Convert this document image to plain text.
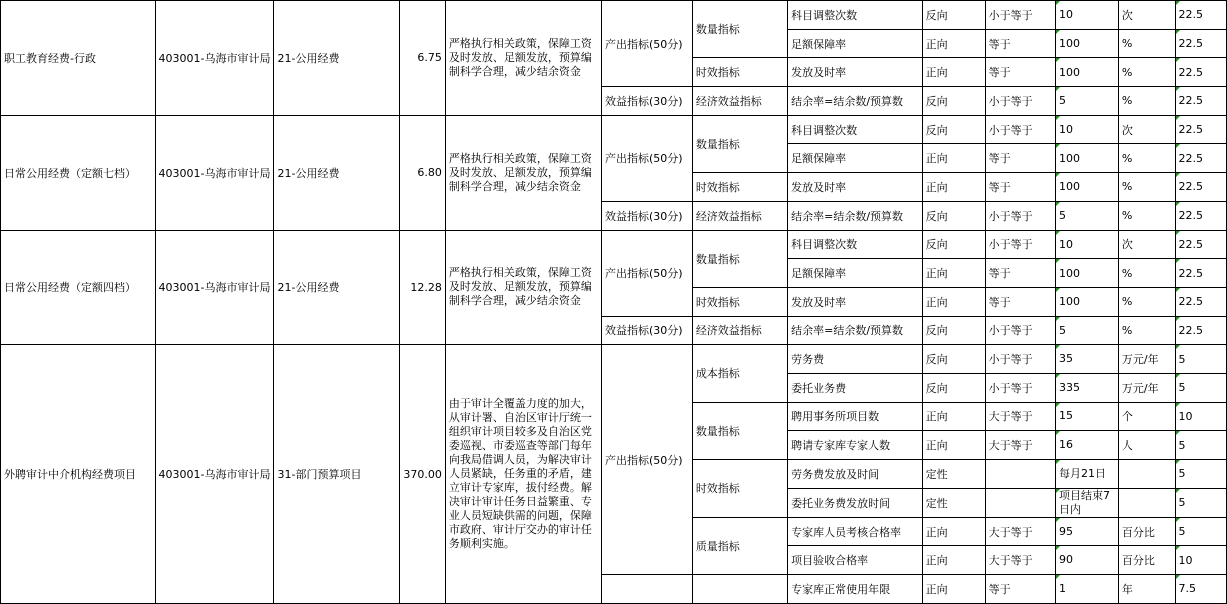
职工教育经费-行政	403001-乌海市审计局	21-公用经费	6.75	严格执行相关政策，保障工资及时发放、足额发放，预算编制科学合理，减少结余资金	产出指标(50分)	数量指标	科目调整次数	反向	小于等于	10	次	22.5
							足额保障率	正向	等于	100	%	22.5
						时效指标	发放及时率	正向	等于	100	%	22.5
					效益指标(30分)	经济效益指标	结余率=结余数/预算数	反向	小于等于	5	%	22.5
日常公用经费（定额七档）	403001-乌海市审计局	21-公用经费	6.80	严格执行相关政策，保障工资及时发放、足额发放，预算编制科学合理，减少结余资金	产出指标(50分)	数量指标	科目调整次数	反向	小于等于	10	次	22.5
							足额保障率	正向	等于	100	%	22.5
						时效指标	发放及时率	正向	等于	100	%	22.5
					效益指标(30分)	经济效益指标	结余率=结余数/预算数	反向	小于等于	5	%	22.5
日常公用经费（定额四档）	403001-乌海市审计局	21-公用经费	12.28	严格执行相关政策，保障工资及时发放、足额发放，预算编制科学合理，减少结余资金	产出指标(50分)	数量指标	科目调整次数	反向	小于等于	10	次	22.5
							足额保障率	正向	等于	100	%	22.5
						时效指标	发放及时率	正向	等于	100	%	22.5
					效益指标(30分)	经济效益指标	结余率=结余数/预算数	反向	小于等于	5	%	22.5
外聘审计中介机构经费项目	403001-乌海市审计局	31-部门预算项目	370.00	由于审计全覆盖力度的加大，从审计署、自治区审计厅统一组织审计项目较多及自治区党委巡视、市委巡查等部门每年向我局借调人员，为解决审计人员紧缺，任务重的矛盾，建立审计专家库，拔付经费。解决审计审计任务日益繁重、专业人员短缺供需的问题，保障市政府、审计厅交办的审计任务顺利实施。	产出指标(50分)	成本指标	劳务费	反向	小于等于	35	万元/年	5
							委托业务费	反向	小于等于	335	万元/年	5
						数量指标	聘用事务所项目数	正向	大于等于	15	个	10
							聘请专家库专家人数	正向	大于等于	16	人	5
						时效指标	劳务费发放及时间	定性		每月21日		5
							委托业务费发放时间	定性		项目结束7日内		5
						质量指标	专家库人员考核合格率	正向	大于等于	95	百分比	5
							项目验收合格率	正向	大于等于	90	百分比	10
							专家库正常使用年限	正向	等于	1	年	7.5
